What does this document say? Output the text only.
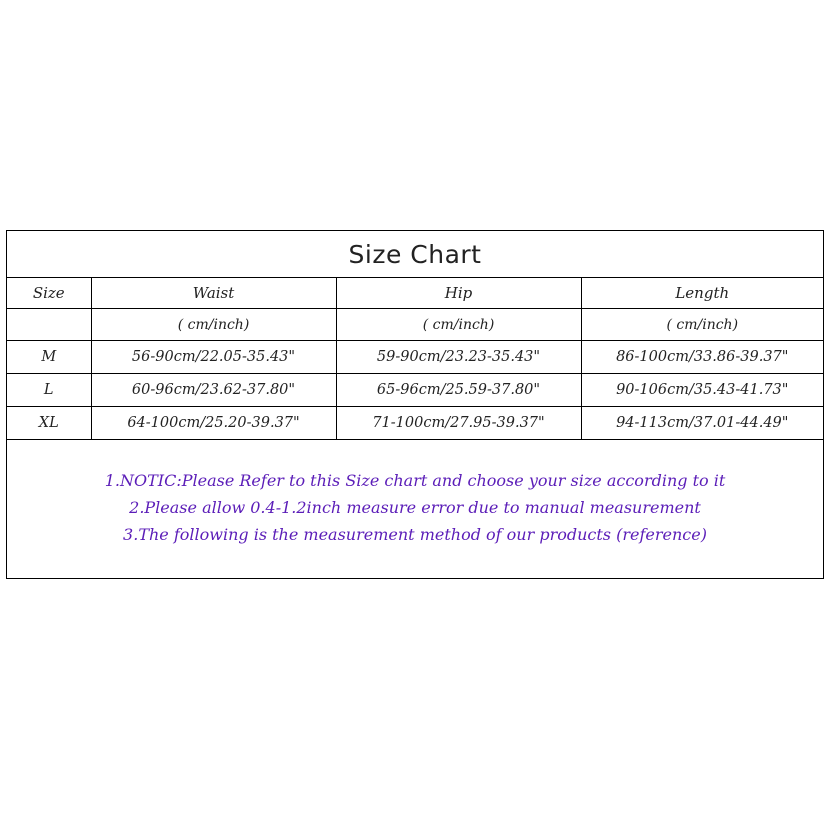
Size Chart
Size	Waist	Hip	Length
	( cm/inch)	( cm/inch)	( cm/inch)
M	56-90cm/22.05-35.43"	59-90cm/23.23-35.43"	86-100cm/33.86-39.37"
L	60-96cm/23.62-37.80"	65-96cm/25.59-37.80"	90-106cm/35.43-41.73"
XL	64-100cm/25.20-39.37"	71-100cm/27.95-39.37"	94-113cm/37.01-44.49"
1.NOTIC:Please Refer to this Size chart and choose your size according to it
2.Please allow 0.4-1.2inch measure error due to manual measurement
3.The following is the measurement method of our products (reference)
